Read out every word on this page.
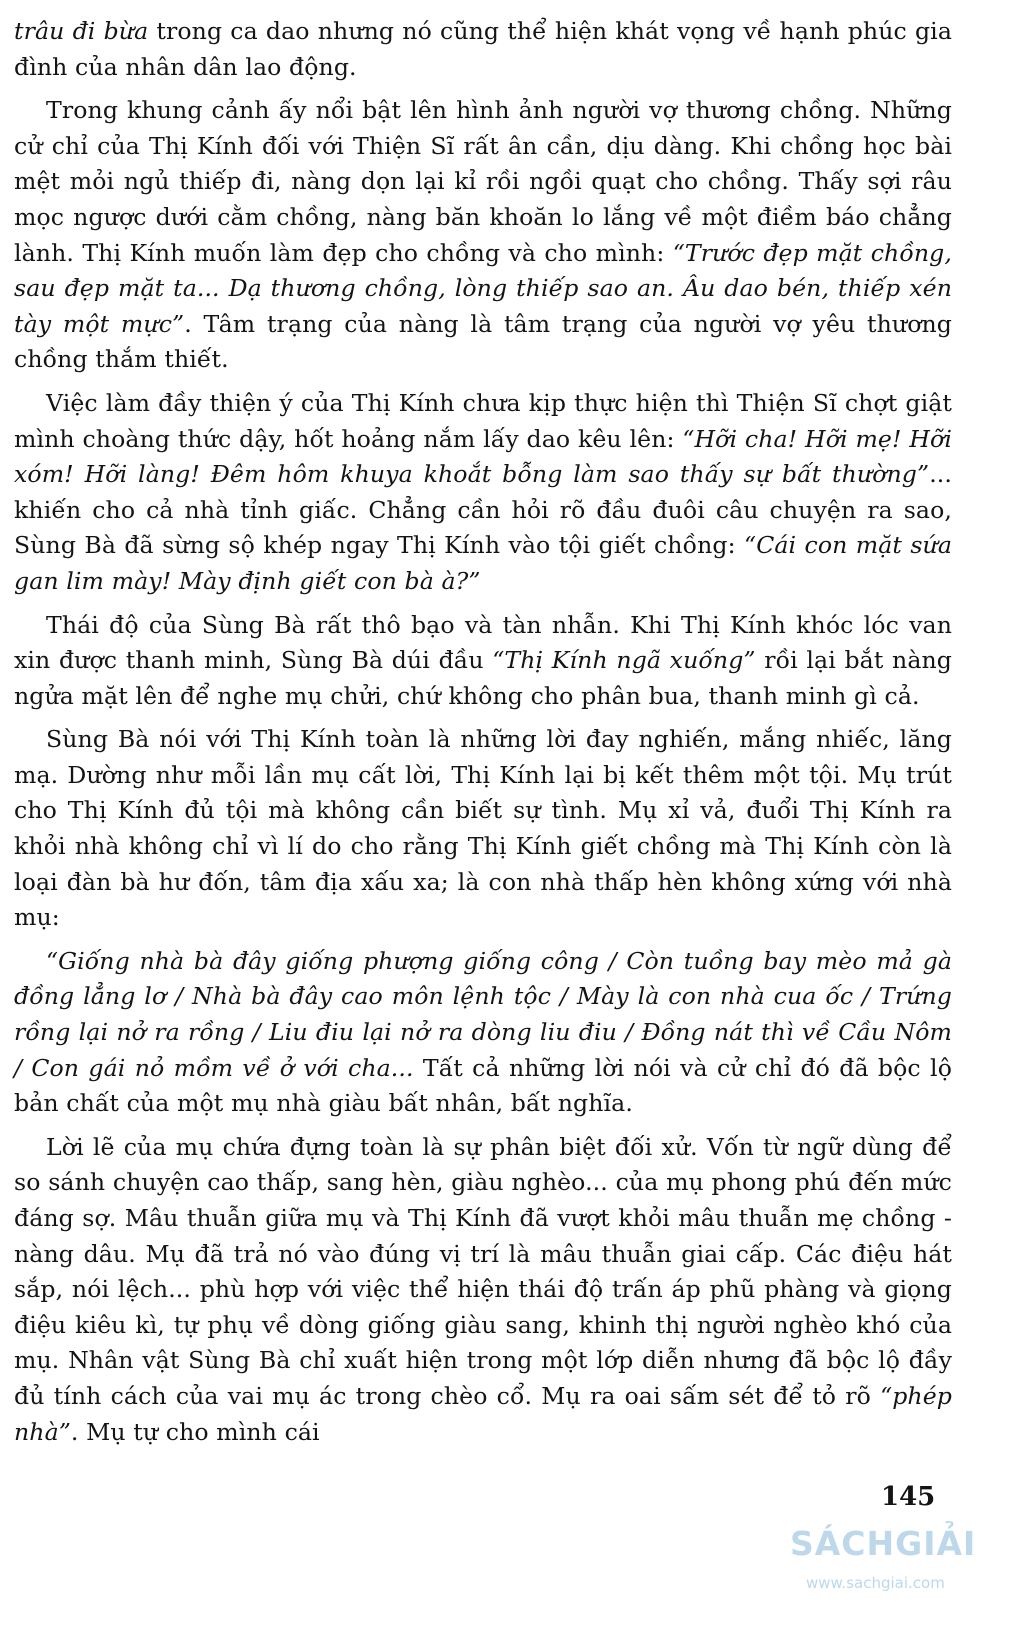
trâu đi bừa trong ca dao nhưng nó cũng thể hiện khát vọng về hạnh phúc gia đình của nhân dân lao động.

Trong khung cảnh ấy nổi bật lên hình ảnh người vợ thương chồng. Những cử chỉ của Thị Kính đối với Thiện Sĩ rất ân cần, dịu dàng. Khi chồng học bài mệt mỏi ngủ thiếp đi, nàng dọn lại kỉ rồi ngồi quạt cho chồng. Thấy sợi râu mọc ngược dưới cằm chồng, nàng băn khoăn lo lắng về một điềm báo chẳng lành. Thị Kính muốn làm đẹp cho chồng và cho mình: “Trước đẹp mặt chồng, sau đẹp mặt ta... Dạ thương chồng, lòng thiếp sao an. Âu dao bén, thiếp xén tày một mực”. Tâm trạng của nàng là tâm trạng của người vợ yêu thương chồng thắm thiết.

Việc làm đầy thiện ý của Thị Kính chưa kịp thực hiện thì Thiện Sĩ chợt giật mình choàng thức dậy, hốt hoảng nắm lấy dao kêu lên: “Hỡi cha! Hỡi mẹ! Hỡi xóm! Hỡi làng! Đêm hôm khuya khoắt bỗng làm sao thấy sự bất thường”... khiến cho cả nhà tỉnh giấc. Chẳng cần hỏi rõ đầu đuôi câu chuyện ra sao, Sùng Bà đã sừng sộ khép ngay Thị Kính vào tội giết chồng: “Cái con mặt sứa gan lim mày! Mày định giết con bà à?”

Thái độ của Sùng Bà rất thô bạo và tàn nhẫn. Khi Thị Kính khóc lóc van xin được thanh minh, Sùng Bà dúi đầu “Thị Kính ngã xuống” rồi lại bắt nàng ngửa mặt lên để nghe mụ chửi, chứ không cho phân bua, thanh minh gì cả.

Sùng Bà nói với Thị Kính toàn là những lời đay nghiến, mắng nhiếc, lăng mạ. Dường như mỗi lần mụ cất lời, Thị Kính lại bị kết thêm một tội. Mụ trút cho Thị Kính đủ tội mà không cần biết sự tình. Mụ xỉ vả, đuổi Thị Kính ra khỏi nhà không chỉ vì lí do cho rằng Thị Kính giết chồng mà Thị Kính còn là loại đàn bà hư đốn, tâm địa xấu xa; là con nhà thấp hèn không xứng với nhà mụ:

“Giống nhà bà đây giống phượng giống công / Còn tuồng bay mèo mả gà đồng lẳng lơ / Nhà bà đây cao môn lệnh tộc / Mày là con nhà cua ốc / Trứng rồng lại nở ra rồng / Liu điu lại nở ra dòng liu điu / Đồng nát thì về Cầu Nôm / Con gái nỏ mồm về ở với cha... Tất cả những lời nói và cử chỉ đó đã bộc lộ bản chất của một mụ nhà giàu bất nhân, bất nghĩa.

Lời lẽ của mụ chứa đựng toàn là sự phân biệt đối xử. Vốn từ ngữ dùng để so sánh chuyện cao thấp, sang hèn, giàu nghèo... của mụ phong phú đến mức đáng sợ. Mâu thuẫn giữa mụ và Thị Kính đã vượt khỏi mâu thuẫn mẹ chồng - nàng dâu. Mụ đã trả nó vào đúng vị trí là mâu thuẫn giai cấp. Các điệu hát sắp, nói lệch... phù hợp với việc thể hiện thái độ trấn áp phũ phàng và giọng điệu kiêu kì, tự phụ về dòng giống giàu sang, khinh thị người nghèo khó của mụ. Nhân vật Sùng Bà chỉ xuất hiện trong một lớp diễn nhưng đã bộc lộ đầy đủ tính cách của vai mụ ác trong chèo cổ. Mụ ra oai sấm sét để tỏ rõ “phép nhà”. Mụ tự cho mình cái

145
SÁCHGIẢI
www.sachgiai.com
